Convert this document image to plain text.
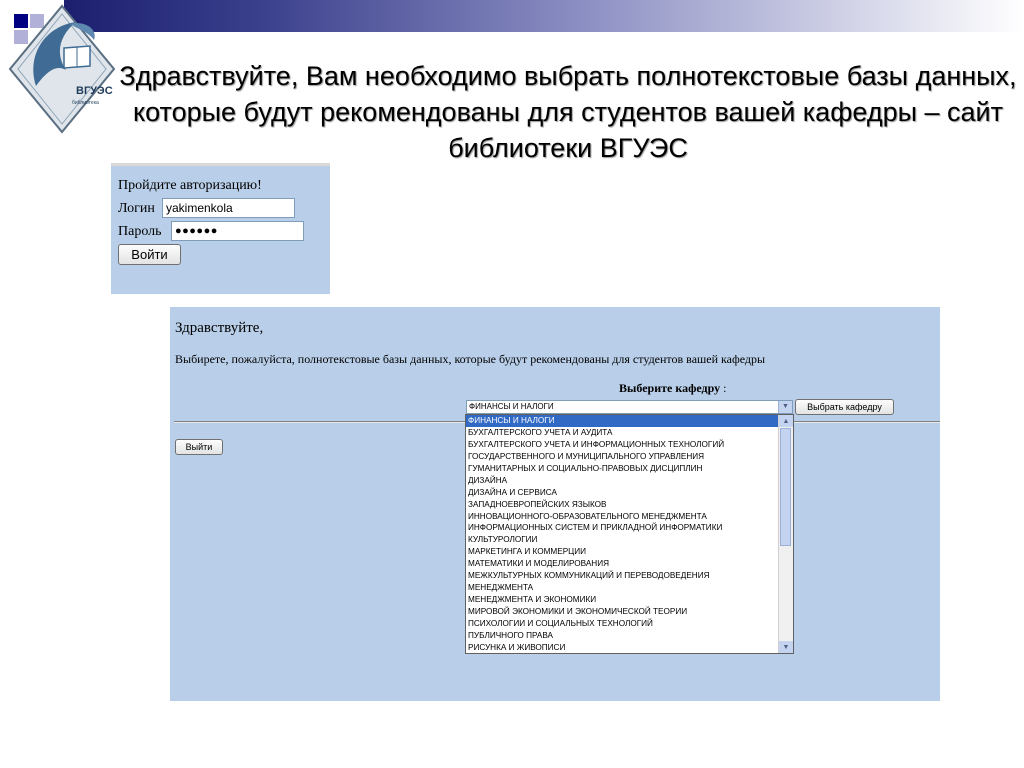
ВГУЭС
библиотека
Здравствуйте, Вам необходимо выбрать полнотекстовые базы данных, которые будут рекомендованы для студентов вашей кафедры – сайт библиотеки ВГУЭС
Пройдите авторизацию!
Логин
yakimenkola
Пароль
●●●●●●
Войти
Здравствуйте,
Выбирете, пожалуйста, полнотекстовые базы данных, которые будут рекомендованы для студентов вашей кафедры
Выберите кафедру :
ФИНАНСЫ И НАЛОГИ	▼	Выбрать кафедру
Выйти
ФИНАНСЫ И НАЛОГИ
БУХГАЛТЕРСКОГО УЧЕТА И АУДИТА
БУХГАЛТЕРСКОГО УЧЕТА И ИНФОРМАЦИОННЫХ ТЕХНОЛОГИЙ
ГОСУДАРСТВЕННОГО И МУНИЦИПАЛЬНОГО УПРАВЛЕНИЯ
ГУМАНИТАРНЫХ И СОЦИАЛЬНО-ПРАВОВЫХ ДИСЦИПЛИН
ДИЗАЙНА
ДИЗАЙНА И СЕРВИСА
ЗАПАДНОЕВРОПЕЙСКИХ ЯЗЫКОВ
ИННОВАЦИОННОГО-ОБРАЗОВАТЕЛЬНОГО МЕНЕДЖМЕНТА
ИНФОРМАЦИОННЫХ СИСТЕМ И ПРИКЛАДНОЙ ИНФОРМАТИКИ
КУЛЬТУРОЛОГИИ
МАРКЕТИНГА И КОММЕРЦИИ
МАТЕМАТИКИ И МОДЕЛИРОВАНИЯ
МЕЖКУЛЬТУРНЫХ КОММУНИКАЦИЙ И ПЕРЕВОДОВЕДЕНИЯ
МЕНЕДЖМЕНТА
МЕНЕДЖМЕНТА И ЭКОНОМИКИ
МИРОВОЙ ЭКОНОМИКИ И ЭКОНОМИЧЕСКОЙ ТЕОРИИ
ПСИХОЛОГИИ И СОЦИАЛЬНЫХ ТЕХНОЛОГИЙ
ПУБЛИЧНОГО ПРАВА
РИСУНКА И ЖИВОПИСИ
▲
▼
